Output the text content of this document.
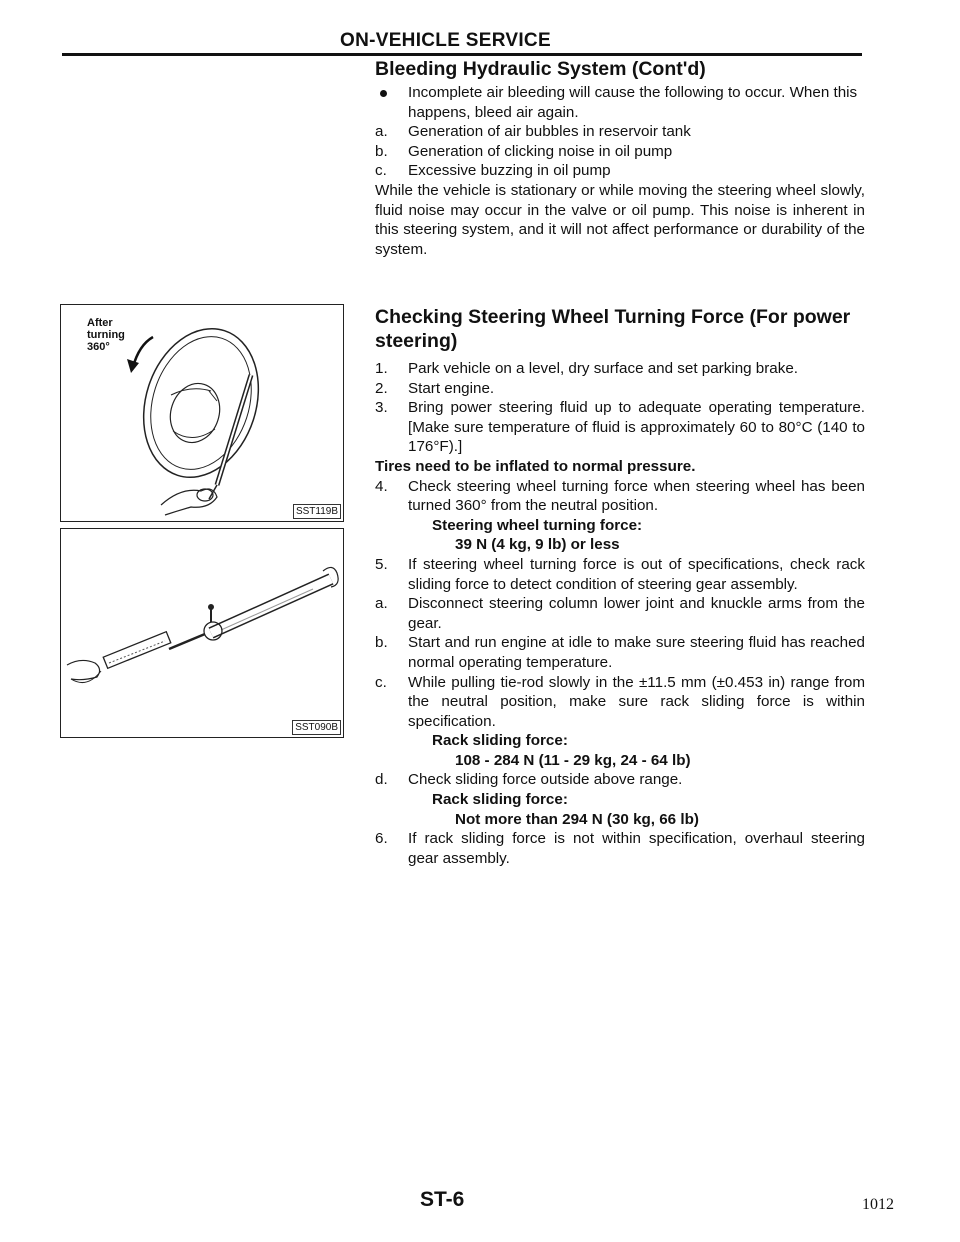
ON-VEHICLE SERVICE
Bleeding Hydraulic System (Cont'd)
Incomplete air bleeding will cause the following to occur. When this happens, bleed air again.
a. Generation of air bubbles in reservoir tank
b. Generation of clicking noise in oil pump
c. Excessive buzzing in oil pump
While the vehicle is stationary or while moving the steering wheel slowly, fluid noise may occur in the valve or oil pump. This noise is inherent in this steering system, and it will not affect performance or durability of the system.
Checking Steering Wheel Turning Force (For power steering)
1. Park vehicle on a level, dry surface and set parking brake.
2. Start engine.
3. Bring power steering fluid up to adequate operating temperature. [Make sure temperature of fluid is approximately 60 to 80°C (140 to 176°F).]
Tires need to be inflated to normal pressure.
4. Check steering wheel turning force when steering wheel has been turned 360° from the neutral position.
Steering wheel turning force:
39 N (4 kg, 9 lb) or less
5. If steering wheel turning force is out of specifications, check rack sliding force to detect condition of steering gear assembly.
a. Disconnect steering column lower joint and knuckle arms from the gear.
b. Start and run engine at idle to make sure steering fluid has reached normal operating temperature.
c. While pulling tie-rod slowly in the ±11.5 mm (±0.453 in) range from the neutral position, make sure rack sliding force is within specification.
Rack sliding force:
108 - 284 N (11 - 29 kg, 24 - 64 lb)
d. Check sliding force outside above range.
Rack sliding force:
Not more than 294 N (30 kg, 66 lb)
6. If rack sliding force is not within specification, overhaul steering gear assembly.
After
turning
360°
SST119B
SST090B
ST-6	1012
